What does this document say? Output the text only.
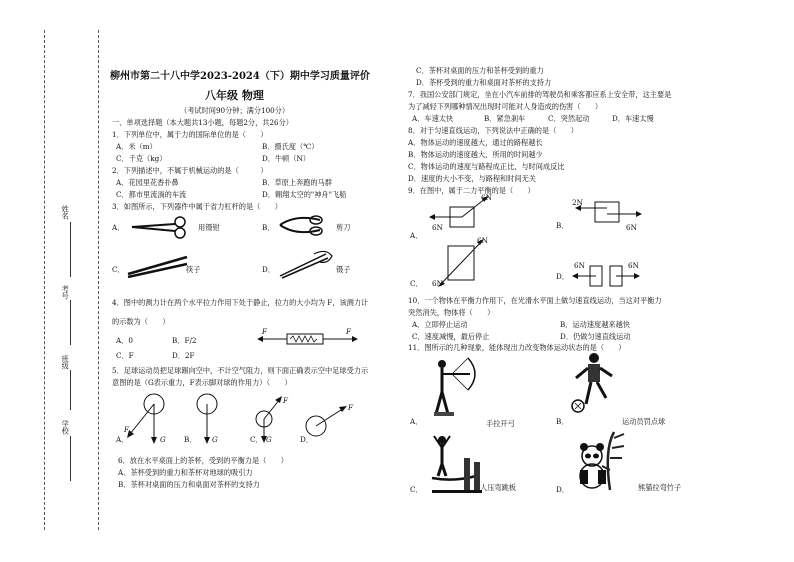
姓名
考号
班级
学校
柳州市第二十八中学2023-2024（下）期中学习质量评价
八年级 物理
（考试时间90分钟；满分100分）
一、单项选择题（本大题共13小题，每题2分，共26分）
1．下列单位中，属于力的国际单位的是（　　）
A．米（m）	B．摄氏度（℃）
C．千克（kg）	D．牛顿（N）
2．下列描述中，不属于机械运动的是（　　　）
A．花园里花香扑鼻	B．草原上奔跑的马群
C．都市里流淌的车流	D．翱翔太空的"神舟"飞船
3．如图所示，下列器件中属于省力杠杆的是（　　）
A．	用镊钳	B．	剪刀
C．	筷子	D．	镊子
4．图中的测力计在两个水平拉力作用下处于静止，拉力的大小均为 F，该测力计
的示数为（　　）
F	F
A．0	B．F/2
C．F	D．2F
5．足球运动员把足球踢向空中，不计空气阻力，则下面正确表示空中足球受力示
意图的是（G表示重力，F表示脚对球的作用力）（　　）
A．	G
F
B． G	C． G
F
D．
F
6．放在水平桌面上的茶杯，受到的平衡力是（　　）
A．茶杯受到的重力和茶杯对地球的吸引力
B．茶杯对桌面的压力和桌面对茶杯的支持力
C．茶杯对桌面的压力和茶杯受到的重力
D．茶杯受到的重力和桌面对茶杯的支持力
7．我国公安部门规定，坐在小汽车前排的驾驶员和乘客都应系上安全带，这主要是
为了减轻下列哪种情况出现时可能对人身造成的伤害（　　）
A．车速太快	B．紧急刹车	C．突然起动	D．车速太慢
8．对于匀速直线运动，下列说法中正确的是（　　）
A．物体运动的速度越大，通过的路程越长
B．物体运动的速度越大，所用的时间越少
C．物体运动的速度与路程成正比，与时间成反比
D．速度的大小不变，与路程和时间无关
9．在图中，属于二力平衡的是（　　）
6N
6N
A．
2N
6N
B．
6N
6N
C．
6N	6N
D．
10．一个物体在平衡力作用下，在光滑水平面上做匀速直线运动，当这对平衡力
突然消失，物体将（　　）
A．立即停止运动	B．运动速度越来越快
C．速度减慢，最后停止	D．仍做匀速直线运动
11．图所示的几种现象，能体现出力改变物体运动状态的是（　　）
A．	手拉开弓	B．	运动员罚点球
C．	人压弯跳板	D．	熊猫拉弯竹子
